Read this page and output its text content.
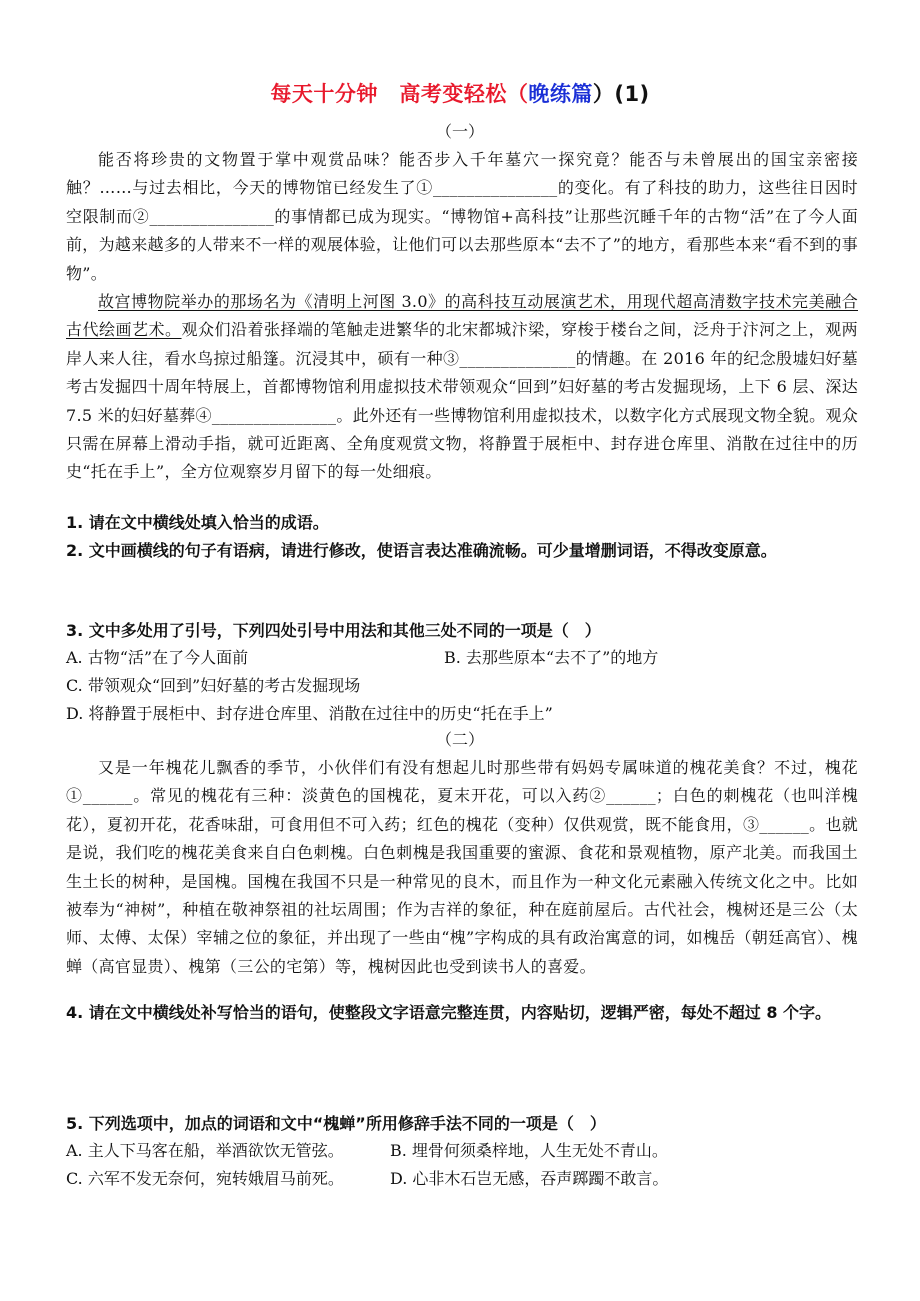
每天十分钟　高考变轻松（晚练篇）(1)
（一）
能否将珍贵的文物置于掌中观赏品味？能否步入千年墓穴一探究竟？能否与未曾展出的国宝亲密接触？……与过去相比，今天的博物馆已经发生了①_______________的变化。有了科技的助力，这些往日因时空限制而②_______________的事情都已成为现实。“博物馆+高科技”让那些沉睡千年的古物“活”在了今人面前，为越来越多的人带来不一样的观展体验，让他们可以去那些原本“去不了”的地方，看那些本来“看不到的事物”。
故宫博物院举办的那场名为《清明上河图 3.0》的高科技互动展演艺术，用现代超高清数字技术完美融合古代绘画艺术。观众们沿着张择端的笔触走进繁华的北宋都城汴梁，穿梭于楼台之间，泛舟于汴河之上，观两岸人来人往，看水鸟掠过船篷。沉浸其中，硕有一种③______________的情趣。在 2016 年的纪念殷墟妇好墓考古发掘四十周年特展上，首都博物馆利用虚拟技术带领观众“回到”妇好墓的考古发掘现场，上下 6 层、深达 7.5 米的妇好墓葬④_______________。此外还有一些博物馆利用虚拟技术，以数字化方式展现文物全貌。观众只需在屏幕上滑动手指，就可近距离、全角度观赏文物，将静置于展柜中、封存进仓库里、消散在过往中的历史“托在手上”，全方位观察岁月留下的每一处细痕。
1. 请在文中横线处填入恰当的成语。
2. 文中画横线的句子有语病，请进行修改，使语言表达准确流畅。可少量增删词语，不得改变原意。
3. 文中多处用了引号，下列四处引号中用法和其他三处不同的一项是（　）
A. 古物“活”在了今人面前	B. 去那些原本“去不了”的地方
C. 带领观众“回到”妇好墓的考古发掘现场
D. 将静置于展柜中、封存进仓库里、消散在过往中的历史“托在手上”
（二）
又是一年槐花儿飘香的季节，小伙伴们有没有想起儿时那些带有妈妈专属味道的槐花美食？不过，槐花①______。常见的槐花有三种：淡黄色的国槐花，夏末开花，可以入药②______；白色的刺槐花（也叫洋槐花），夏初开花，花香味甜，可食用但不可入药；红色的槐花（变种）仅供观赏，既不能食用，③______。也就是说，我们吃的槐花美食来自白色刺槐。白色刺槐是我国重要的蜜源、食花和景观植物，原产北美。而我国土生土长的树种，是国槐。国槐在我国不只是一种常见的良木，而且作为一种文化元素融入传统文化之中。比如被奉为“神树”，种植在敬神祭祖的社坛周围；作为吉祥的象征，种在庭前屋后。古代社会，槐树还是三公（太师、太傅、太保）宰辅之位的象征，并出现了一些由“槐”字构成的具有政治寓意的词，如槐岳（朝廷高官）、槐蝉（高官显贵）、槐第（三公的宅第）等，槐树因此也受到读书人的喜爱。
4. 请在文中横线处补写恰当的语句，使整段文字语意完整连贯，内容贴切，逻辑严密，每处不超过 8 个字。
5. 下列选项中，加点的词语和文中“槐蝉”所用修辞手法不同的一项是（　）
A. 主人下马客在船，举酒欲饮无管弦。	B. 埋骨何须桑梓地，人生无处不青山。
C. 六军不发无奈何，宛转娥眉马前死。	D. 心非木石岂无感，吞声踯躅不敢言。
